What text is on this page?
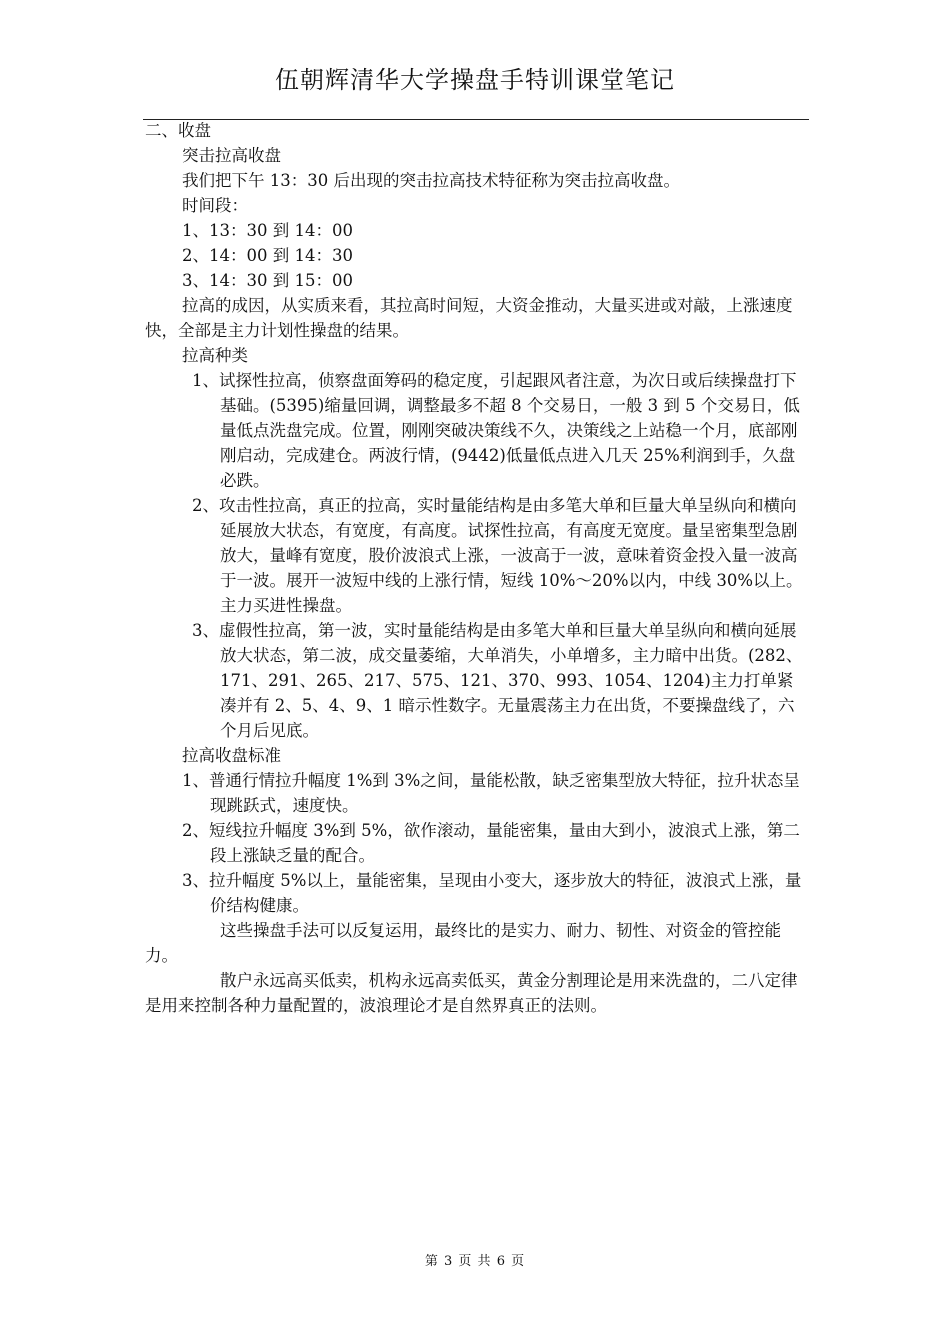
伍朝辉清华大学操盘手特训课堂笔记

二、收盘

突击拉高收盘

我们把下午 13：30 后出现的突击拉高技术特征称为突击拉高收盘。

时间段：

1、13：30 到 14：00

2、14：00 到 14：30

3、14：30 到 15：00

拉高的成因，从实质来看，其拉高时间短，大资金推动，大量买进或对敲，上涨速度快，全部是主力计划性操盘的结果。

拉高种类

1、试探性拉高，侦察盘面筹码的稳定度，引起跟风者注意，为次日或后续操盘打下基础。(5395)缩量回调，调整最多不超 8 个交易日，一般 3 到 5 个交易日，低量低点洗盘完成。位置，刚刚突破决策线不久，决策线之上站稳一个月，底部刚刚启动，完成建仓。两波行情，(9442)低量低点进入几天 25%利润到手，久盘必跌。

2、攻击性拉高，真正的拉高，实时量能结构是由多笔大单和巨量大单呈纵向和横向延展放大状态，有宽度，有高度。试探性拉高，有高度无宽度。量呈密集型急剧放大，量峰有宽度，股价波浪式上涨，一波高于一波，意味着资金投入量一波高于一波。展开一波短中线的上涨行情，短线 10%～20%以内，中线 30%以上。主力买进性操盘。

3、虚假性拉高，第一波，实时量能结构是由多笔大单和巨量大单呈纵向和横向延展放大状态，第二波，成交量萎缩，大单消失，小单增多，主力暗中出货。(282、171、291、265、217、575、121、370、993、1054、1204)主力打单紧凑并有 2、5、4、9、1 暗示性数字。无量震荡主力在出货，不要操盘线了，六个月后见底。

拉高收盘标准

1、普通行情拉升幅度 1%到 3%之间，量能松散，缺乏密集型放大特征，拉升状态呈现跳跃式，速度快。

2、短线拉升幅度 3%到 5%，欲作滚动，量能密集，量由大到小，波浪式上涨，第二段上涨缺乏量的配合。

3、拉升幅度 5%以上，量能密集，呈现由小变大，逐步放大的特征，波浪式上涨，量价结构健康。

这些操盘手法可以反复运用，最终比的是实力、耐力、韧性、对资金的管控能力。

散户永远高买低卖，机构永远高卖低买，黄金分割理论是用来洗盘的，二八定律是用来控制各种力量配置的，波浪理论才是自然界真正的法则。

第 3 页 共 6 页
